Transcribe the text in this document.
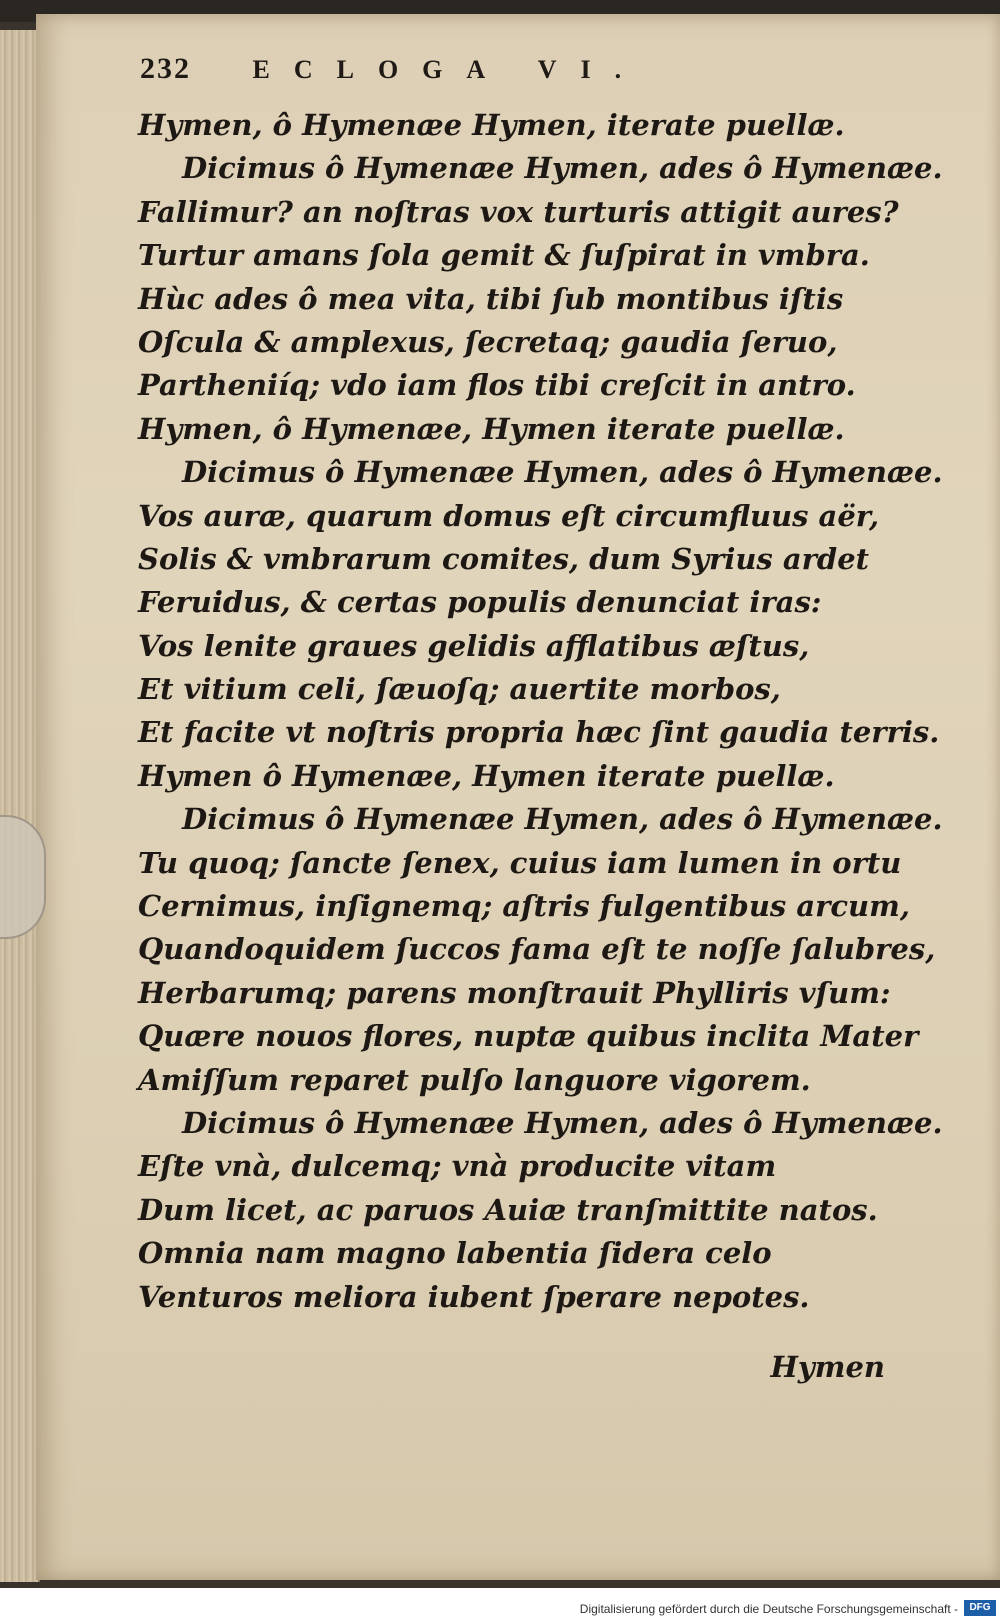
232 ECLOGA VI.
Hymen, ô Hymenæe Hymen, iterate puellæ.
Dicimus ô Hymenæe Hymen, ades ô Hymenæe.
Fallimur? an noſtras vox turturis attigit aures?
Turtur amans ſola gemit & ſuſpirat in vmbra.
Hùc ades ô mea vita, tibi ſub montibus iſtis
Oſcula & amplexus, ſecretaq; gaudia ſeruo,
Partheniíq; vdo iam flos tibi creſcit in antro.
Hymen, ô Hymenæe, Hymen iterate puellæ.
Dicimus ô Hymenæe Hymen, ades ô Hymenæe.
Vos auræ, quarum domus eſt circumfluus aër,
Solis & vmbrarum comites, dum Syrius ardet
Feruidus, & certas populis denunciat iras:
Vos lenite graues gelidis afflatibus æſtus,
Et vitium celi, ſæuoſq; auertite morbos,
Et facite vt noſtris propria hæc ſint gaudia terris.
Hymen ô Hymenæe, Hymen iterate puellæ.
Dicimus ô Hymenæe Hymen, ades ô Hymenæe.
Tu quoq; ſancte ſenex, cuius iam lumen in ortu
Cernimus, inſignemq; aſtris fulgentibus arcum,
Quandoquidem ſuccos fama eſt te noſſe ſalubres,
Herbarumq; parens monſtrauit Phylliris vſum:
Quære nouos flores, nuptæ quibus inclita Mater
Amiſſum reparet pulſo languore vigorem.
Dicimus ô Hymenæe Hymen, ades ô Hymenæe.
Eſte vnà, dulcemq; vnà producite vitam
Dum licet, ac paruos Auiæ tranſmittite natos.
Omnia nam magno labentia ſidera celo
Venturos meliora iubent ſperare nepotes.
Hymen
Digitalisierung gefördert durch die Deutsche Forschungsgemeinschaft -	DFG
